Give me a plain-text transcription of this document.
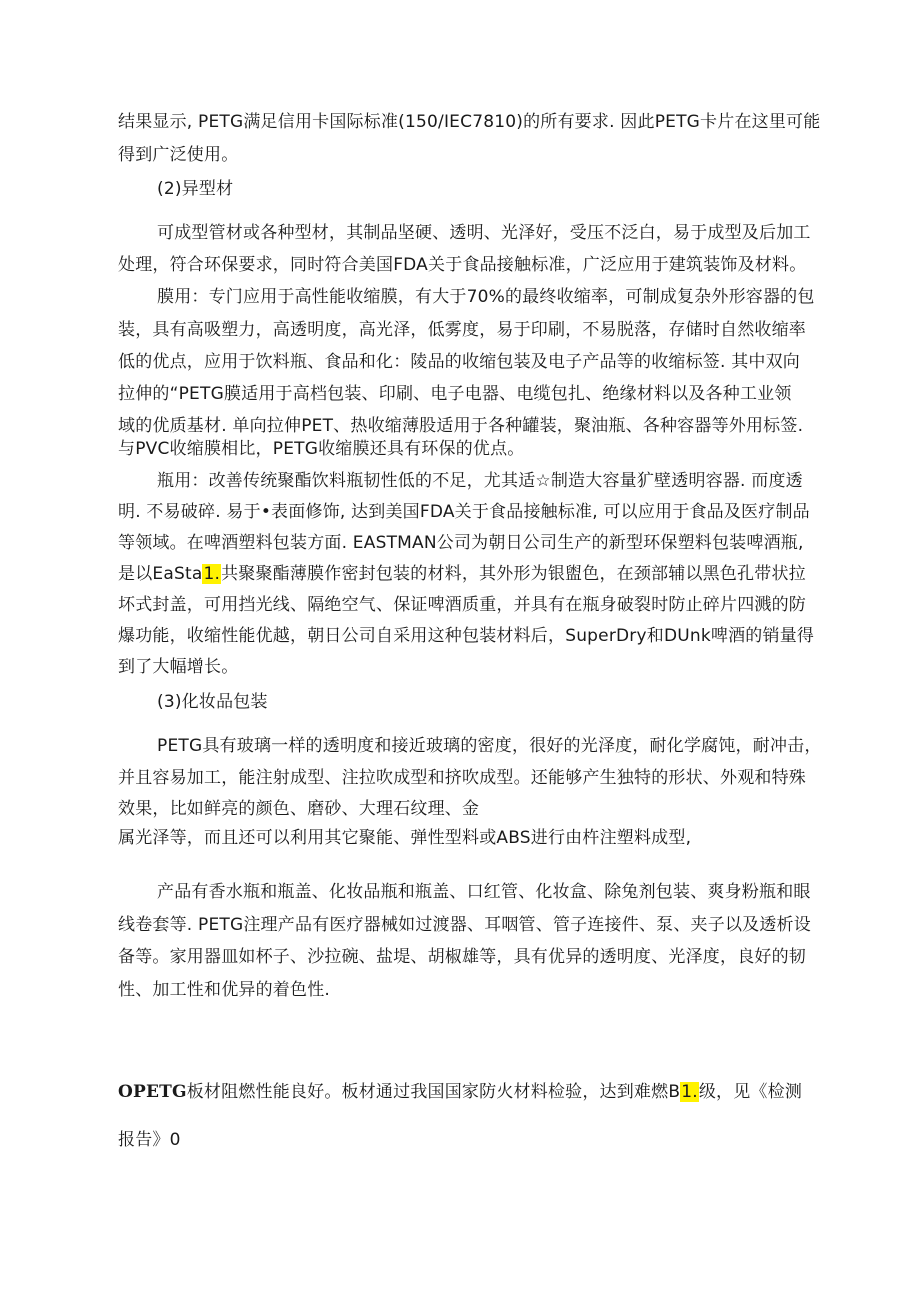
结果显示, PETG满足信用卡国际标准(150/IEC7810)的所有要求. 因此PETG卡片在这里可能
得到广泛使用。
(2)异型材
可成型管材或各种型材，其制品坚硬、透明、光泽好，受压不泛白，易于成型及后加工
处理，符合环保要求，同时符合美国FDA关于食品接触标准，广泛应用于建筑装饰及材料。
膜用：专门应用于高性能收缩膜，有大于70%的最终收缩率，可制成复杂外形容器的包
装，具有高吸塑力，高透明度，高光泽，低雾度，易于印刷，不易脱落，存储时自然收缩率
低的优点，应用于饮料瓶、食品和化：陵品的收缩包装及电子产品等的收缩标签. 其中双向
拉伸的“PETG膜适用于高档包装、印刷、电子电器、电缆包扎、绝缘材料以及各种工业领
域的优质基材. 单向拉伸PET、热收缩薄股适用于各种罐装，聚油瓶、各种容器等外用标签.
与PVC收缩膜相比，PETG收缩膜还具有环保的优点。
瓶用：改善传统聚酯饮料瓶韧性低的不足，尤其适☆制造大容量犷壁透明容器. 而度透
明. 不易破碎. 易于•表面修饰, 达到美国FDA关于食品接触标准, 可以应用于食品及医疗制品
等领域。在啤酒塑料包装方面. EASTMAN公司为朝日公司生产的新型环保塑料包装啤酒瓶,
是以EaSta1.共聚聚酯薄膜作密封包装的材料，其外形为银盥色，在颈部辅以黑色孔带状拉
坏式封盖，可用挡光线、隔绝空气、保证啤酒质重，并具有在瓶身破裂时防止碎片四溅的防
爆功能，收缩性能优越，朝日公司自采用这种包装材料后，SuperDry和DUnk啤酒的销量得
到了大幅增长。
(3)化妆品包装
PETG具有玻璃一样的透明度和接近玻璃的密度，很好的光泽度，耐化学腐饨，耐冲击，
并且容易加工，能注射成型、注拉吹成型和挤吹成型。还能够产生独特的形状、外观和特殊
效果，比如鲜亮的颜色、磨砂、大理石纹理、金
属光泽等，而且还可以利用其它聚能、弹性型料或ABS进行由杵注塑料成型,
产品有香水瓶和瓶盖、化妆品瓶和瓶盖、口红管、化妆盒、除兔剂包装、爽身粉瓶和眼
线卷套等. PETG注理产品有医疗器械如过渡器、耳咽管、管子连接件、泵、夹子以及透析设
备等。家用器皿如杯子、沙拉碗、盐堤、胡椒雄等，具有优异的透明度、光泽度，良好的韧
性、加工性和优异的着色性.
OPETG板材阻燃性能良好。板材通过我国国家防火材料检验，达到难燃B1.级，见《检测
报告》0
